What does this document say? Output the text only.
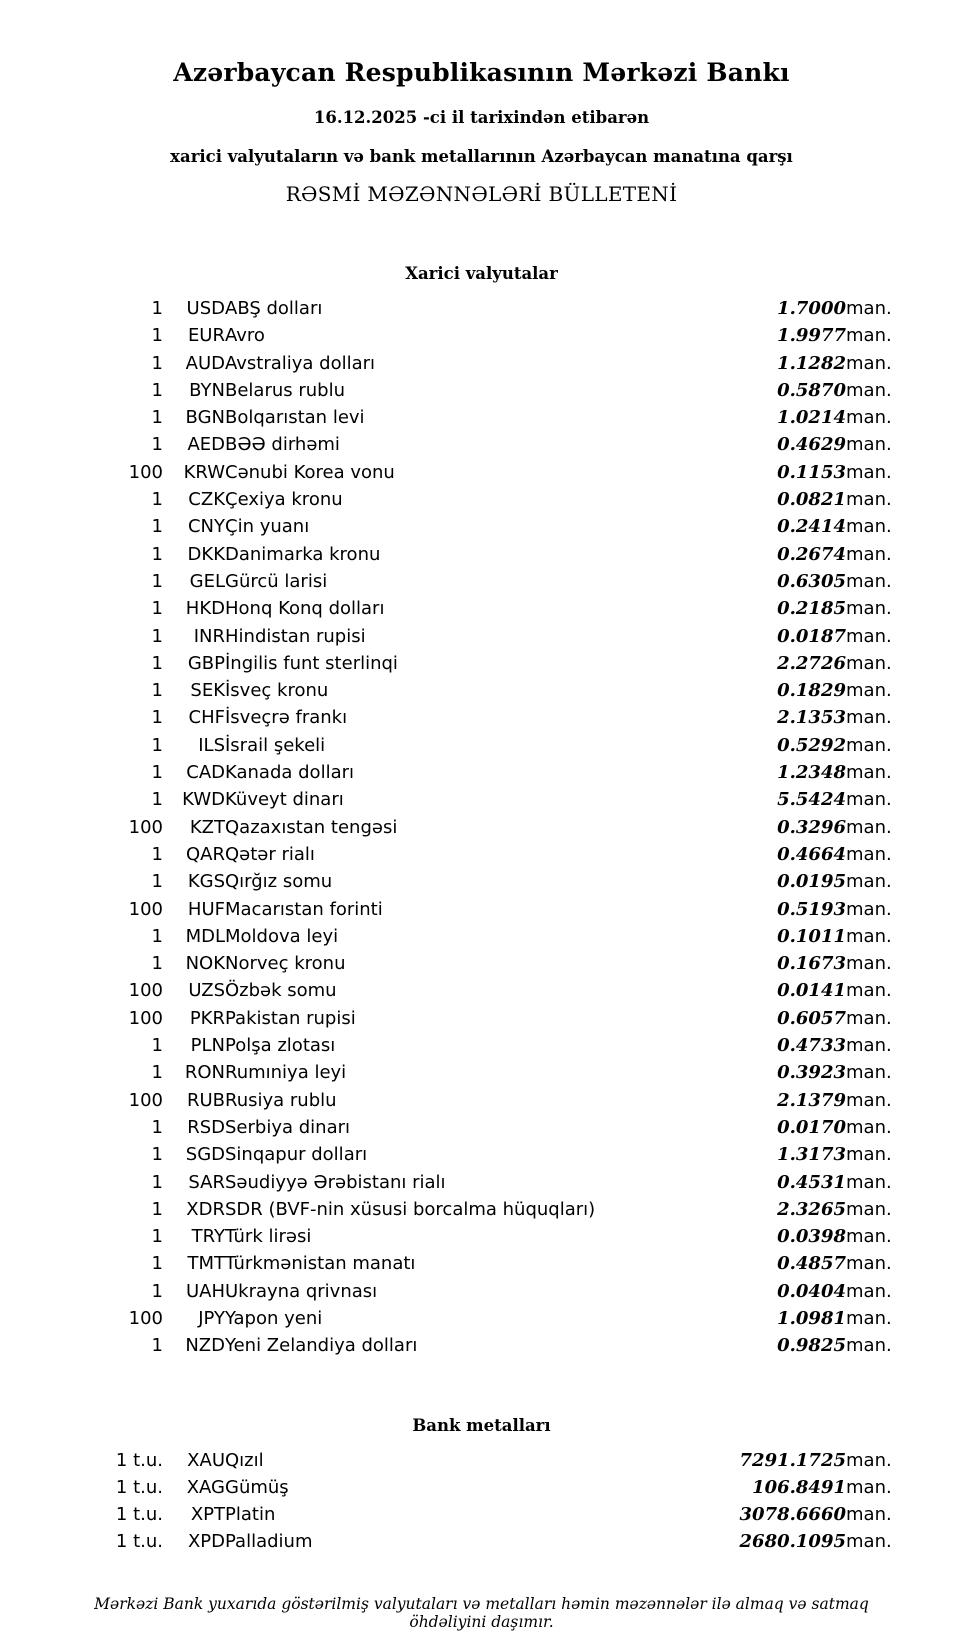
Azərbaycan Respublikasının Mərkəzi Bankı
16.12.2025 -ci il tarixindən etibarən
xarici valyutaların və bank metallarının Azərbaycan manatına qarşı
RƏSMİ MƏZƏNNƏLƏRİ BÜLLETENİ
Xarici valyutalar
1	USD	ABŞ dolları	1.7000	man.
1	EUR	Avro	1.9977	man.
1	AUD	Avstraliya dolları	1.1282	man.
1	BYN	Belarus rublu	0.5870	man.
1	BGN	Bolqarıstan levi	1.0214	man.
1	AED	BƏƏ dirhəmi	0.4629	man.
100	KRW	Cənubi Korea vonu	0.1153	man.
1	CZK	Çexiya kronu	0.0821	man.
1	CNY	Çin yuanı	0.2414	man.
1	DKK	Danimarka kronu	0.2674	man.
1	GEL	Gürcü larisi	0.6305	man.
1	HKD	Honq Konq dolları	0.2185	man.
1	INR	Hindistan rupisi	0.0187	man.
1	GBP	İngilis funt sterlinqi	2.2726	man.
1	SEK	İsveç kronu	0.1829	man.
1	CHF	İsveçrə frankı	2.1353	man.
1	ILS	İsrail şekeli	0.5292	man.
1	CAD	Kanada dolları	1.2348	man.
1	KWD	Küveyt dinarı	5.5424	man.
100	KZT	Qazaxıstan tengəsi	0.3296	man.
1	QAR	Qətər rialı	0.4664	man.
1	KGS	Qırğız somu	0.0195	man.
100	HUF	Macarıstan forinti	0.5193	man.
1	MDL	Moldova leyi	0.1011	man.
1	NOK	Norveç kronu	0.1673	man.
100	UZS	Özbək somu	0.0141	man.
100	PKR	Pakistan rupisi	0.6057	man.
1	PLN	Polşa zlotası	0.4733	man.
1	RON	Rumıniya leyi	0.3923	man.
100	RUB	Rusiya rublu	2.1379	man.
1	RSD	Serbiya dinarı	0.0170	man.
1	SGD	Sinqapur dolları	1.3173	man.
1	SAR	Səudiyyə Ərəbistanı rialı	0.4531	man.
1	XDR	SDR (BVF-nin xüsusi borcalma hüquqları)	2.3265	man.
1	TRY	Türk lirəsi	0.0398	man.
1	TMT	Türkmənistan manatı	0.4857	man.
1	UAH	Ukrayna qrivnası	0.0404	man.
100	JPY	Yapon yeni	1.0981	man.
1	NZD	Yeni Zelandiya dolları	0.9825	man.
Bank metalları
1 t.u.	XAU	Qızıl	7291.1725	man.
1 t.u.	XAG	Gümüş	106.8491	man.
1 t.u.	XPT	Platin	3078.6660	man.
1 t.u.	XPD	Palladium	2680.1095	man.
Mərkəzi Bank yuxarıda göstərilmiş valyutaları və metalları həmin məzənnələr ilə almaq və satmaq öhdəliyini daşımır.
